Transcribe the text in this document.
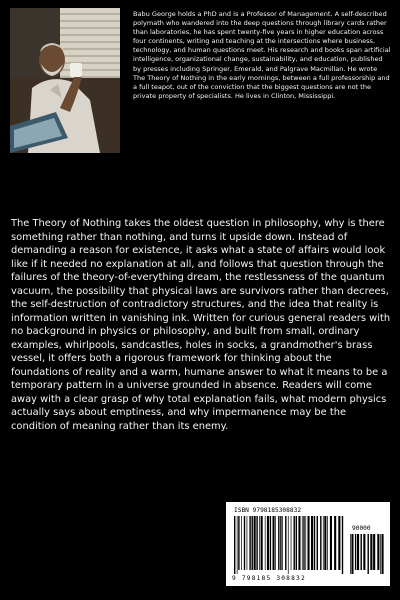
Babu George holds a PhD and is a Professor of Management. A self-described polymath who wandered into the deep questions through library cards rather than laboratories, he has spent twenty-five years in higher education across four continents, writing and teaching at the intersections where business, technology, and human questions meet. His research and books span artificial intelligence, organizational change, sustainability, and education, published by presses including Springer, Emerald, and Palgrave Macmillan. He wrote The Theory of Nothing in the early mornings, between a full professorship and a full teapot, out of the conviction that the biggest questions are not the private property of specialists. He lives in Clinton, Mississippi.
The Theory of Nothing takes the oldest question in philosophy, why is there something rather than nothing, and turns it upside down. Instead of demanding a reason for existence, it asks what a state of affairs would look like if it needed no explanation at all, and follows that question through the failures of the theory-of-everything dream, the restlessness of the quantum vacuum, the possibility that physical laws are survivors rather than decrees, the self-destruction of contradictory structures, and the idea that reality is information written in vanishing ink. Written for curious general readers with no background in physics or philosophy, and built from small, ordinary examples, whirlpools, sandcastles, holes in socks, a grandmother's brass vessel, it offers both a rigorous framework for thinking about the foundations of reality and a warm, humane answer to what it means to be a temporary pattern in a universe grounded in absence. Readers will come away with a clear grasp of why total explanation fails, what modern physics actually says about emptiness, and why impermanence may be the condition of meaning rather than its enemy.
ISBN 9798185308832
90000
9 798185 308832
